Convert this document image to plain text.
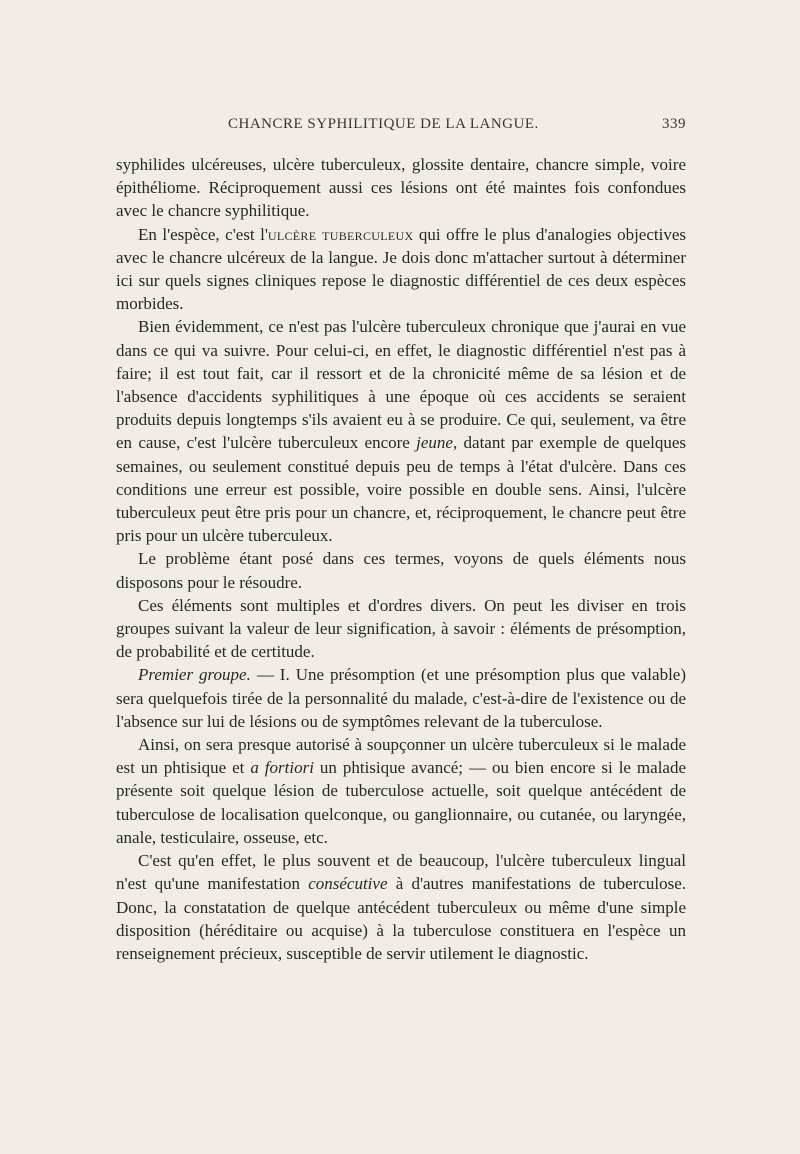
CHANCRE SYPHILITIQUE DE LA LANGUE.	339

syphilides ulcéreuses, ulcère tuberculeux, glossite dentaire, chancre simple, voire épithéliome. Réciproquement aussi ces lésions ont été maintes fois confondues avec le chancre syphilitique.

En l'espèce, c'est l'ulcère tuberculeux qui offre le plus d'analogies objectives avec le chancre ulcéreux de la langue. Je dois donc m'attacher surtout à déterminer ici sur quels signes cliniques repose le diagnostic différentiel de ces deux espèces morbides.

Bien évidemment, ce n'est pas l'ulcère tuberculeux chronique que j'aurai en vue dans ce qui va suivre. Pour celui-ci, en effet, le diagnostic différentiel n'est pas à faire; il est tout fait, car il ressort et de la chronicité même de sa lésion et de l'absence d'accidents syphilitiques à une époque où ces accidents se seraient produits depuis longtemps s'ils avaient eu à se produire. Ce qui, seulement, va être en cause, c'est l'ulcère tuberculeux encore jeune, datant par exemple de quelques semaines, ou seulement constitué depuis peu de temps à l'état d'ulcère. Dans ces conditions une erreur est possible, voire possible en double sens. Ainsi, l'ulcère tuberculeux peut être pris pour un chancre, et, réciproquement, le chancre peut être pris pour un ulcère tuberculeux.

Le problème étant posé dans ces termes, voyons de quels éléments nous disposons pour le résoudre.

Ces éléments sont multiples et d'ordres divers. On peut les diviser en trois groupes suivant la valeur de leur signification, à savoir : éléments de présomption, de probabilité et de certitude.

Premier groupe. — I. Une présomption (et une présomption plus que valable) sera quelquefois tirée de la personnalité du malade, c'est-à-dire de l'existence ou de l'absence sur lui de lésions ou de symptômes relevant de la tuberculose.

Ainsi, on sera presque autorisé à soupçonner un ulcère tuberculeux si le malade est un phtisique et a fortiori un phtisique avancé; — ou bien encore si le malade présente soit quelque lésion de tuberculose actuelle, soit quelque antécédent de tuberculose de localisation quelconque, ou ganglionnaire, ou cutanée, ou laryngée, anale, testiculaire, osseuse, etc.

C'est qu'en effet, le plus souvent et de beaucoup, l'ulcère tuberculeux lingual n'est qu'une manifestation consécutive à d'autres manifestations de tuberculose. Donc, la constatation de quelque antécédent tuberculeux ou même d'une simple disposition (héréditaire ou acquise) à la tuberculose constituera en l'espèce un renseignement précieux, susceptible de servir utilement le diagnostic.
